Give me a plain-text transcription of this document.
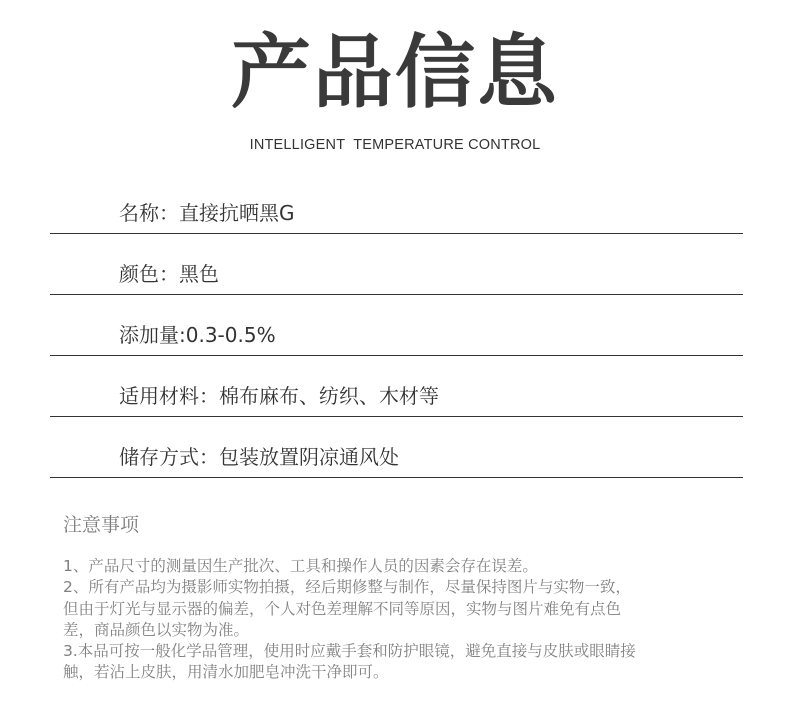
产品信息
INTELLIGENT  TEMPERATURE CONTROL
名称：直接抗晒黑G
颜色：黑色
添加量:0.3-0.5%
适用材料：棉布麻布、纺织、木材等
储存方式：包装放置阴凉通风处
注意事项
1、产品尺寸的测量因生产批次、工具和操作人员的因素会存在误差。
2、所有产品均为摄影师实物拍摄，经后期修整与制作，尽量保持图片与实物一致，
但由于灯光与显示器的偏差，个人对色差理解不同等原因，实物与图片难免有点色
差，商品颜色以实物为准。
3.本品可按一般化学品管理，使用时应戴手套和防护眼镜，避免直接与皮肤或眼睛接
触，若沾上皮肤，用清水加肥皂冲洗干净即可。
